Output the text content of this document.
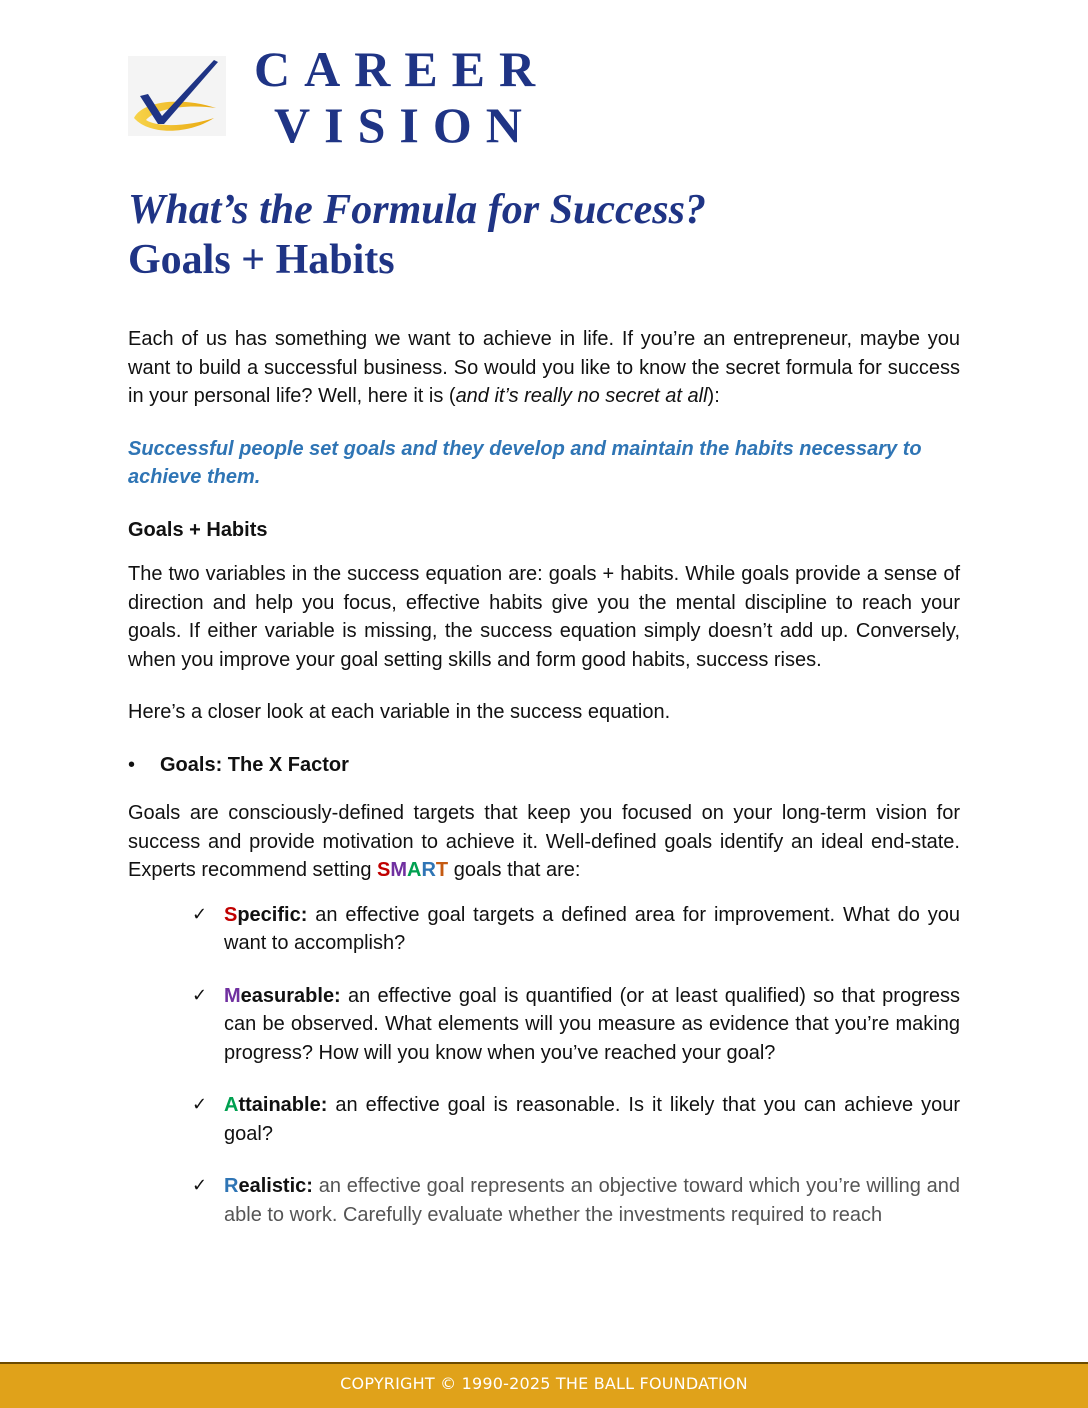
CAREER
VISION
What’s the Formula for Success?
Goals + Habits

Each of us has something we want to achieve in life. If you’re an entrepreneur, maybe you want to build a successful business. So would you like to know the secret formula for success in your personal life? Well, here it is (and it’s really no secret at all):

Successful people set goals and they develop and maintain the habits necessary to achieve them.

Goals + Habits

The two variables in the success equation are: goals + habits. While goals provide a sense of direction and help you focus, effective habits give you the mental discipline to reach your goals. If either variable is missing, the success equation simply doesn’t add up. Conversely, when you improve your goal setting skills and form good habits, success rises.

Here’s a closer look at each variable in the success equation.

• Goals: The X Factor

Goals are consciously-defined targets that keep you focused on your long-term vision for success and provide motivation to achieve it. Well-defined goals identify an ideal end-state. Experts recommend setting SMART goals that are:

✓ Specific: an effective goal targets a defined area for improvement. What do you want to accomplish?
✓ Measurable: an effective goal is quantified (or at least qualified) so that progress can be observed. What elements will you measure as evidence that you’re making progress? How will you know when you’ve reached your goal?
✓ Attainable: an effective goal is reasonable. Is it likely that you can achieve your goal?
✓ Realistic: an effective goal represents an objective toward which you’re willing and able to work. Carefully evaluate whether the investments required to reach
COPYRIGHT © 1990-2025 THE BALL FOUNDATION
